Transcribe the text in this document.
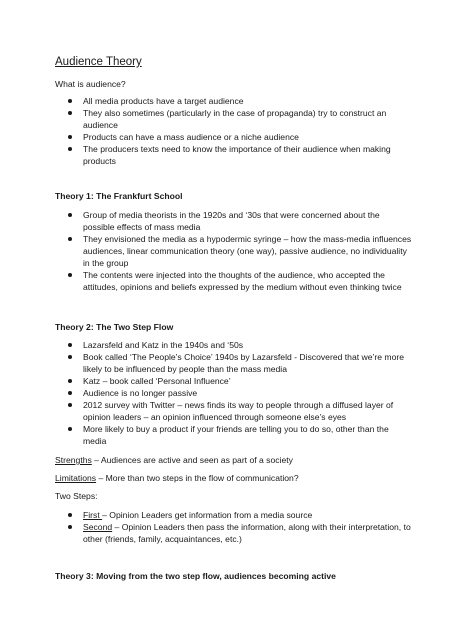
Audience Theory
What is audience?
All media products have a target audience
They also sometimes (particularly in the case of propaganda) try to construct an audience
Products can have a mass audience or a niche audience
The producers texts need to know the importance of their audience when making products
Theory 1: The Frankfurt School
Group of media theorists in the 1920s and ‘30s that were concerned about the possible effects of mass media
They envisioned the media as a hypodermic syringe – how the mass-media influences audiences, linear communication theory (one way), passive audience, no individuality in the group
The contents were injected into the thoughts of the audience, who accepted the attitudes, opinions and beliefs expressed by the medium without even thinking twice
Theory 2: The Two Step Flow
Lazarsfeld and Katz in the 1940s and ‘50s
Book called ‘The People’s Choice’ 1940s by Lazarsfeld - Discovered that we’re more likely to be influenced by people than the mass media
Katz – book called ‘Personal Influence’
Audience is no longer passive
2012 survey with Twitter – news finds its way to people through a diffused layer of opinion leaders – an opinion influenced through someone else’s eyes
More likely to buy a product if your friends are telling you to do so, other than the media
Strengths – Audiences are active and seen as part of a society
Limitations – More than two steps in the flow of communication?
Two Steps:
First – Opinion Leaders get information from a media source
Second – Opinion Leaders then pass the information, along with their interpretation, to other (friends, family, acquaintances, etc.)
Theory 3: Moving from the two step flow, audiences becoming active
